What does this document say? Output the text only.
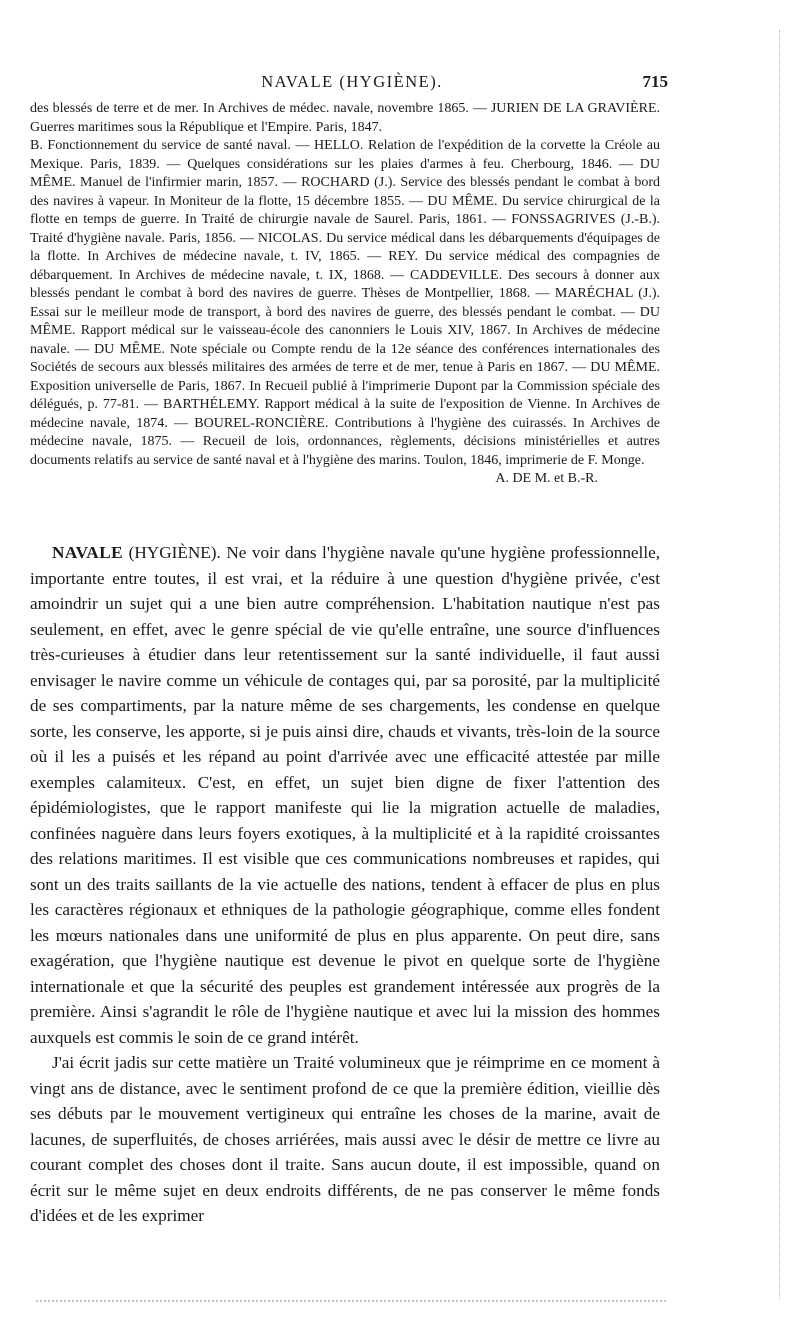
NAVALE (HYGIÈNE).	715

des blessés de terre et de mer. In Archives de médec. navale, novembre 1865. — JURIEN DE LA GRAVIÈRE. Guerres maritimes sous la République et l'Empire. Paris, 1847.

B. Fonctionnement du service de santé naval. — HELLO. Relation de l'expédition de la corvette la Créole au Mexique. Paris, 1839. — Quelques considérations sur les plaies d'armes à feu. Cherbourg, 1846. — DU MÊME. Manuel de l'infirmier marin, 1857. — ROCHARD (J.). Service des blessés pendant le combat à bord des navires à vapeur. In Moniteur de la flotte, 15 décembre 1855. — DU MÊME. Du service chirurgical de la flotte en temps de guerre. In Traité de chirurgie navale de Saurel. Paris, 1861. — FONSSAGRIVES (J.-B.). Traité d'hygiène navale. Paris, 1856. — NICOLAS. Du service médical dans les débarquements d'équipages de la flotte. In Archives de médecine navale, t. IV, 1865. — REY. Du service médical des compagnies de débarquement. In Archives de médecine navale, t. IX, 1868. — CADDEVILLE. Des secours à donner aux blessés pendant le combat à bord des navires de guerre. Thèses de Montpellier, 1868. — MARÉCHAL (J.). Essai sur le meilleur mode de transport, à bord des navires de guerre, des blessés pendant le combat. — DU MÊME. Rapport médical sur le vaisseau-école des canonniers le Louis XIV, 1867. In Archives de médecine navale. — DU MÊME. Note spéciale ou Compte rendu de la 12e séance des conférences internationales des Sociétés de secours aux blessés militaires des armées de terre et de mer, tenue à Paris en 1867. — DU MÊME. Exposition universelle de Paris, 1867. In Recueil publié à l'imprimerie Dupont par la Commission spéciale des délégués, p. 77-81. — BARTHÉLEMY. Rapport médical à la suite de l'exposition de Vienne. In Archives de médecine navale, 1874. — BOUREL-RONCIÈRE. Contributions à l'hygiène des cuirassés. In Archives de médecine navale, 1875. — Recueil de lois, ordonnances, règlements, décisions ministérielles et autres documents relatifs au service de santé naval et à l'hygiène des marins. Toulon, 1846, imprimerie de F. Monge.

A. DE M. et B.-R.

NAVALE (HYGIÈNE). Ne voir dans l'hygiène navale qu'une hygiène professionnelle, importante entre toutes, il est vrai, et la réduire à une question d'hygiène privée, c'est amoindrir un sujet qui a une bien autre compréhension. L'habitation nautique n'est pas seulement, en effet, avec le genre spécial de vie qu'elle entraîne, une source d'influences très-curieuses à étudier dans leur retentissement sur la santé individuelle, il faut aussi envisager le navire comme un véhicule de contages qui, par sa porosité, par la multiplicité de ses compartiments, par la nature même de ses chargements, les condense en quelque sorte, les conserve, les apporte, si je puis ainsi dire, chauds et vivants, très-loin de la source où il les a puisés et les répand au point d'arrivée avec une efficacité attestée par mille exemples calamiteux. C'est, en effet, un sujet bien digne de fixer l'attention des épidémiologistes, que le rapport manifeste qui lie la migration actuelle de maladies, confinées naguère dans leurs foyers exotiques, à la multiplicité et à la rapidité croissantes des relations maritimes. Il est visible que ces communications nombreuses et rapides, qui sont un des traits saillants de la vie actuelle des nations, tendent à effacer de plus en plus les caractères régionaux et ethniques de la pathologie géographique, comme elles fondent les mœurs nationales dans une uniformité de plus en plus apparente. On peut dire, sans exagération, que l'hygiène nautique est devenue le pivot en quelque sorte de l'hygiène internationale et que la sécurité des peuples est grandement intéressée aux progrès de la première. Ainsi s'agrandit le rôle de l'hygiène nautique et avec lui la mission des hommes auxquels est commis le soin de ce grand intérêt.

J'ai écrit jadis sur cette matière un Traité volumineux que je réimprime en ce moment à vingt ans de distance, avec le sentiment profond de ce que la première édition, vieillie dès ses débuts par le mouvement vertigineux qui entraîne les choses de la marine, avait de lacunes, de superfluités, de choses arriérées, mais aussi avec le désir de mettre ce livre au courant complet des choses dont il traite. Sans aucun doute, il est impossible, quand on écrit sur le même sujet en deux endroits différents, de ne pas conserver le même fonds d'idées et de les exprimer
